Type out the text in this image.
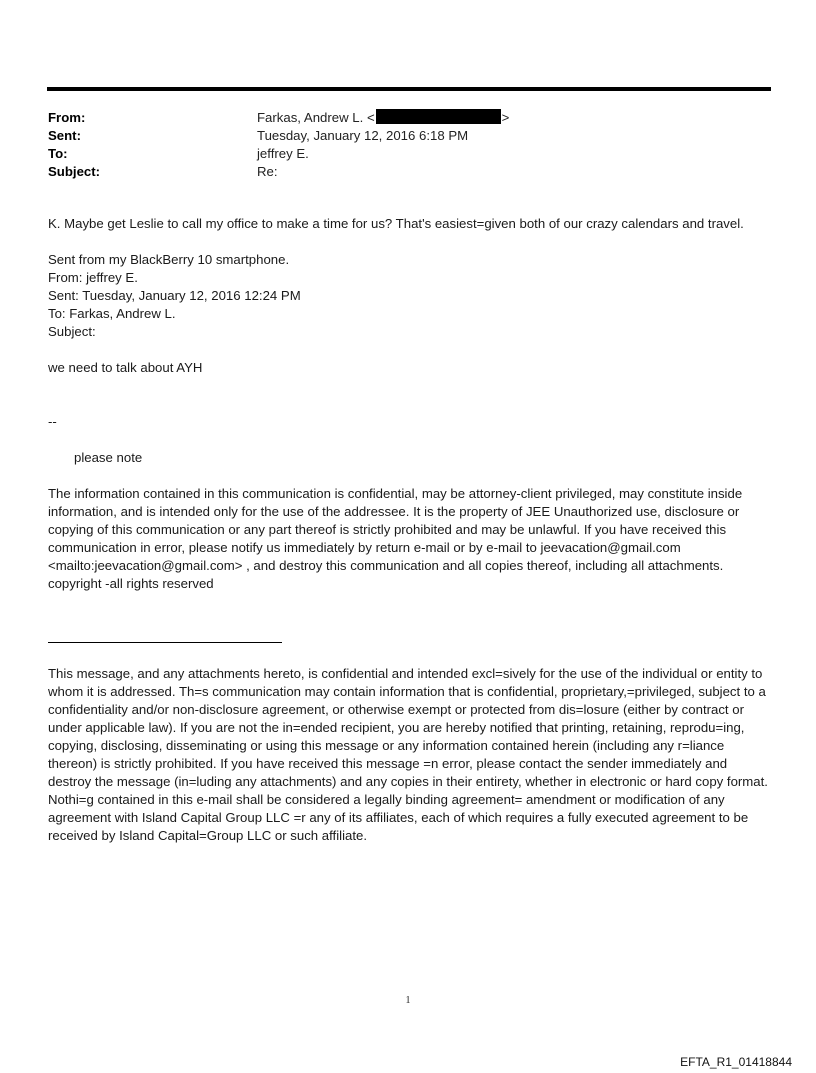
From:	Farkas, Andrew L. <	>
Sent:	Tuesday, January 12, 2016 6:18 PM
To:	jeffrey E.
Subject:	Re:

K. Maybe get Leslie to call my office to make a time for us? That's easiest=given both of our crazy calendars and travel.

Sent from my BlackBerry 10 smartphone.

From: jeffrey E.

Sent: Tuesday, January 12, 2016 12:24 PM

To: Farkas, Andrew L.

Subject:

we need to talk about AYH

--

please note

The information contained in this communication is confidential, may be attorney-client privileged, may constitute inside information, and is intended only for the use of the addressee. It is the property of JEE Unauthorized use, disclosure or copying of this communication or any part thereof is strictly prohibited and may be unlawful. If you have received this communication in error, please notify us immediately by return e-mail or by e-mail to jeevacation@gmail.com <mailto:jeevacation@gmail.com> , and destroy this communication and all copies thereof, including all attachments. copyright -all rights reserved

This message, and any attachments hereto, is confidential and intended excl=sively for the use of the individual or entity to whom it is addressed. Th=s communication may contain information that is confidential, proprietary,=privileged, subject to a confidentiality and/or non-disclosure agreement, or otherwise exempt or protected from dis=losure (either by contract or under applicable law). If you are not the in=ended recipient, you are hereby notified that printing, retaining, reprodu=ing, copying, disclosing, disseminating or using this message or any information contained herein (including any r=liance thereon) is strictly prohibited. If you have received this message =n error, please contact the sender immediately and destroy the message (in=luding any attachments) and any copies in their entirety, whether in electronic or hard copy format. Nothi=g contained in this e-mail shall be considered a legally binding agreement= amendment or modification of any agreement with Island Capital Group LLC =r any of its affiliates, each of which requires a fully executed agreement to be received by Island Capital=Group LLC or such affiliate.

1
EFTA_R1_01418844
